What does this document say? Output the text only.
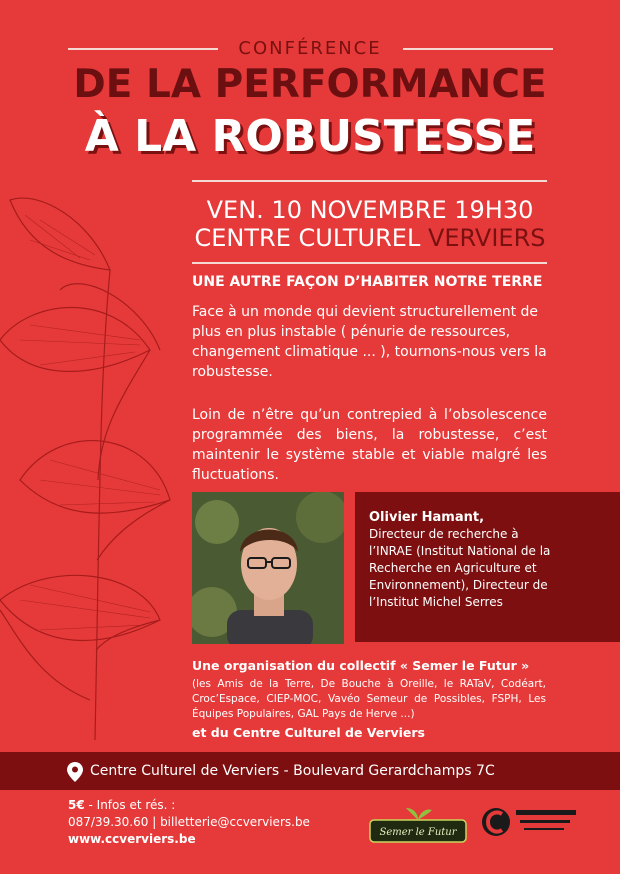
CONFÉRENCE
DE LA PERFORMANCE
À LA ROBUSTESSE
VEN. 10 NOVEMBRE 19H30
CENTRE CULTUREL VERVIERS
UNE AUTRE FAÇON D’HABITER NOTRE TERRE
Face à un monde qui devient structurellement de plus en plus instable ( pénurie de ressources, changement climatique ... ), tournons-nous vers la robustesse.
Loin de n’être qu’un contrepied à l’obsolescence programmée des biens, la robustesse, c’est maintenir le système stable et viable malgré les fluctuations.
Olivier Hamant,
Directeur de recherche à l’INRAE (Institut National de la Recherche en Agriculture et Environnement), Directeur de l’Institut Michel Serres
Une organisation du collectif « Semer le Futur »
(les Amis de la Terre, De Bouche à Oreille, le RATaV, Codéart, Croc’Espace, CIEP-MOC, Vavéo Semeur de Possibles, FSPH, Les Équipes Populaires, GAL Pays de Herve ...)
et du Centre Culturel de Verviers
Centre Culturel de Verviers - Boulevard Gerardchamps 7C
5€ - Infos et rés. :
087/39.30.60 | billetterie@ccverviers.be
www.ccverviers.be	Semer le Futur
